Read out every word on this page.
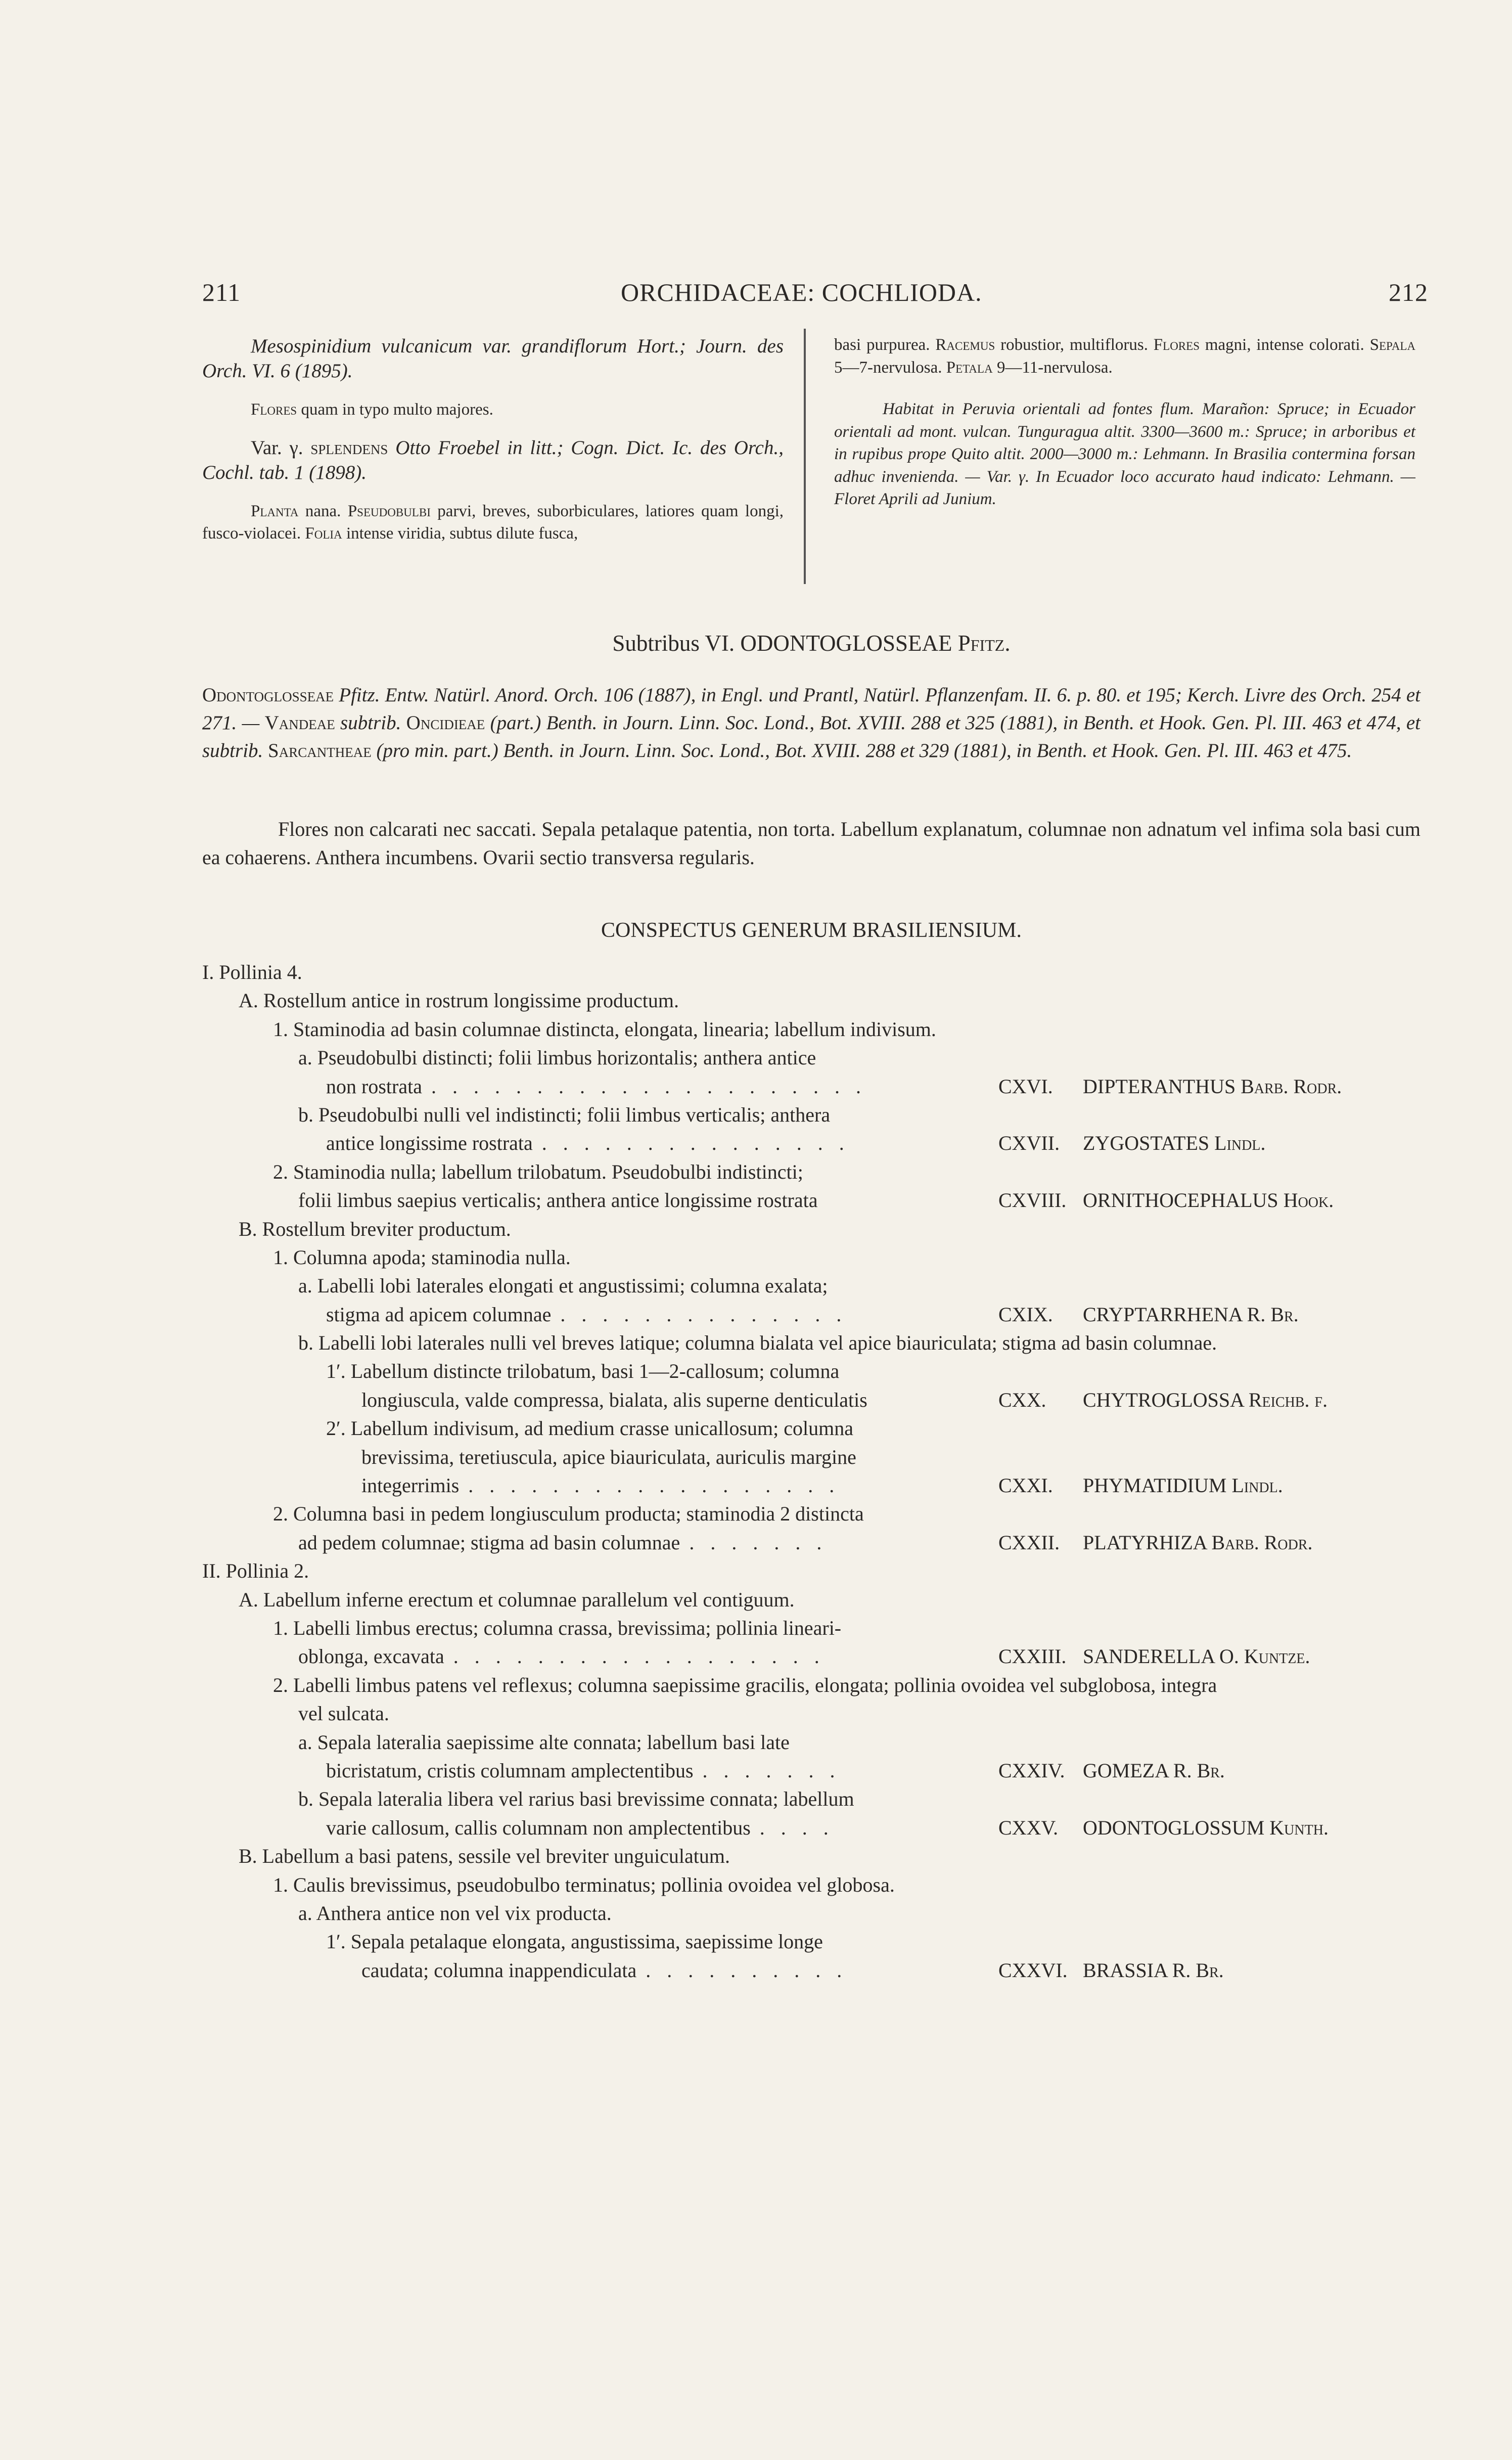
211	ORCHIDACEAE: COCHLIODA.	212

Mesospinidium vulcanicum var. grandiflorum Hort.; Journ. des Orch. VI. 6 (1895).

Flores quam in typo multo majores.

Var. γ. splendens Otto Froebel in litt.; Cogn. Dict. Ic. des Orch., Cochl. tab. 1 (1898).

Planta nana. Pseudobulbi parvi, breves, suborbiculares, latiores quam longi, fusco-violacei. Folia intense viridia, subtus dilute fusca,

basi purpurea. Racemus robustior, multiflorus. Flores magni, intense colorati. Sepala 5—7-nervulosa. Petala 9—11-nervulosa.

Habitat in Peruvia orientali ad fontes flum. Marañon: Spruce; in Ecuador orientali ad mont. vulcan. Tunguragua altit. 3300—3600 m.: Spruce; in arboribus et in rupibus prope Quito altit. 2000—3000 m.: Lehmann. In Brasilia contermina forsan adhuc invenienda. — Var. γ. In Ecuador loco accurato haud indicato: Lehmann. — Floret Aprili ad Junium.

Subtribus VI. ODONTOGLOSSEAE Pfitz.

Odontoglosseae Pfitz. Entw. Natürl. Anord. Orch. 106 (1887), in Engl. und Prantl, Natürl. Pflanzenfam. II. 6. p. 80. et 195; Kerch. Livre des Orch. 254 et 271. — Vandeae subtrib. Oncidieae (part.) Benth. in Journ. Linn. Soc. Lond., Bot. XVIII. 288 et 325 (1881), in Benth. et Hook. Gen. Pl. III. 463 et 474, et subtrib. Sarcantheae (pro min. part.) Benth. in Journ. Linn. Soc. Lond., Bot. XVIII. 288 et 329 (1881), in Benth. et Hook. Gen. Pl. III. 463 et 475.

Flores non calcarati nec saccati. Sepala petalaque patentia, non torta. Labellum explanatum, columnae non adnatum vel infima sola basi cum ea cohaerens. Anthera incumbens. Ovarii sectio transversa regularis.

CONSPECTUS GENERUM BRASILIENSIUM.

I. Pollinia 4.
A. Rostellum antice in rostrum longissime productum.
1. Staminodia ad basin columnae distincta, elongata, linearia; labellum indivisum.
a. Pseudobulbi distincti; folii limbus horizontalis; anthera antice
non rostrata . . . . . . . . . . . . . . . . . . . . .	CXVI. DIPTERANTHUS Barb. Rodr.
b. Pseudobulbi nulli vel indistincti; folii limbus verticalis; anthera
antice longissime rostrata . . . . . . . . . . . . . . .	CXVII. ZYGOSTATES Lindl.
2. Staminodia nulla; labellum trilobatum. Pseudobulbi indistincti;
folii limbus saepius verticalis; anthera antice longissime rostrata	CXVIII. ORNITHOCEPHALUS Hook.
B. Rostellum breviter productum.
1. Columna apoda; staminodia nulla.
a. Labelli lobi laterales elongati et angustissimi; columna exalata;
stigma ad apicem columnae . . . . . . . . . . . . . .	CXIX. CRYPTARRHENA R. Br.
b. Labelli lobi laterales nulli vel breves latique; columna bialata vel apice biauriculata; stigma ad basin columnae.
1′. Labellum distincte trilobatum, basi 1—2-callosum; columna
longiuscula, valde compressa, bialata, alis superne denticulatis	CXX. CHYTROGLOSSA Reichb. f.
2′. Labellum indivisum, ad medium crasse unicallosum; columna
brevissima, teretiuscula, apice biauriculata, auriculis margine
integerrimis . . . . . . . . . . . . . . . . . .	CXXI. PHYMATIDIUM Lindl.
2. Columna basi in pedem longiusculum producta; staminodia 2 distincta
ad pedem columnae; stigma ad basin columnae . . . . . . .	CXXII. PLATYRHIZA Barb. Rodr.
II. Pollinia 2.
A. Labellum inferne erectum et columnae parallelum vel contiguum.
1. Labelli limbus erectus; columna crassa, brevissima; pollinia lineari-
oblonga, excavata . . . . . . . . . . . . . . . . . .	CXXIII. SANDERELLA O. Kuntze.
2. Labelli limbus patens vel reflexus; columna saepissime gracilis, elongata; pollinia ovoidea vel subglobosa, integra
vel sulcata.
a. Sepala lateralia saepissime alte connata; labellum basi late
bicristatum, cristis columnam amplectentibus . . . . . . .	CXXIV. GOMEZA R. Br.
b. Sepala lateralia libera vel rarius basi brevissime connata; labellum
varie callosum, callis columnam non amplectentibus . . . .	CXXV. ODONTOGLOSSUM Kunth.
B. Labellum a basi patens, sessile vel breviter unguiculatum.
1. Caulis brevissimus, pseudobulbo terminatus; pollinia ovoidea vel globosa.
a. Anthera antice non vel vix producta.
1′. Sepala petalaque elongata, angustissima, saepissime longe
caudata; columna inappendiculata . . . . . . . . . .	CXXVI. BRASSIA R. Br.
